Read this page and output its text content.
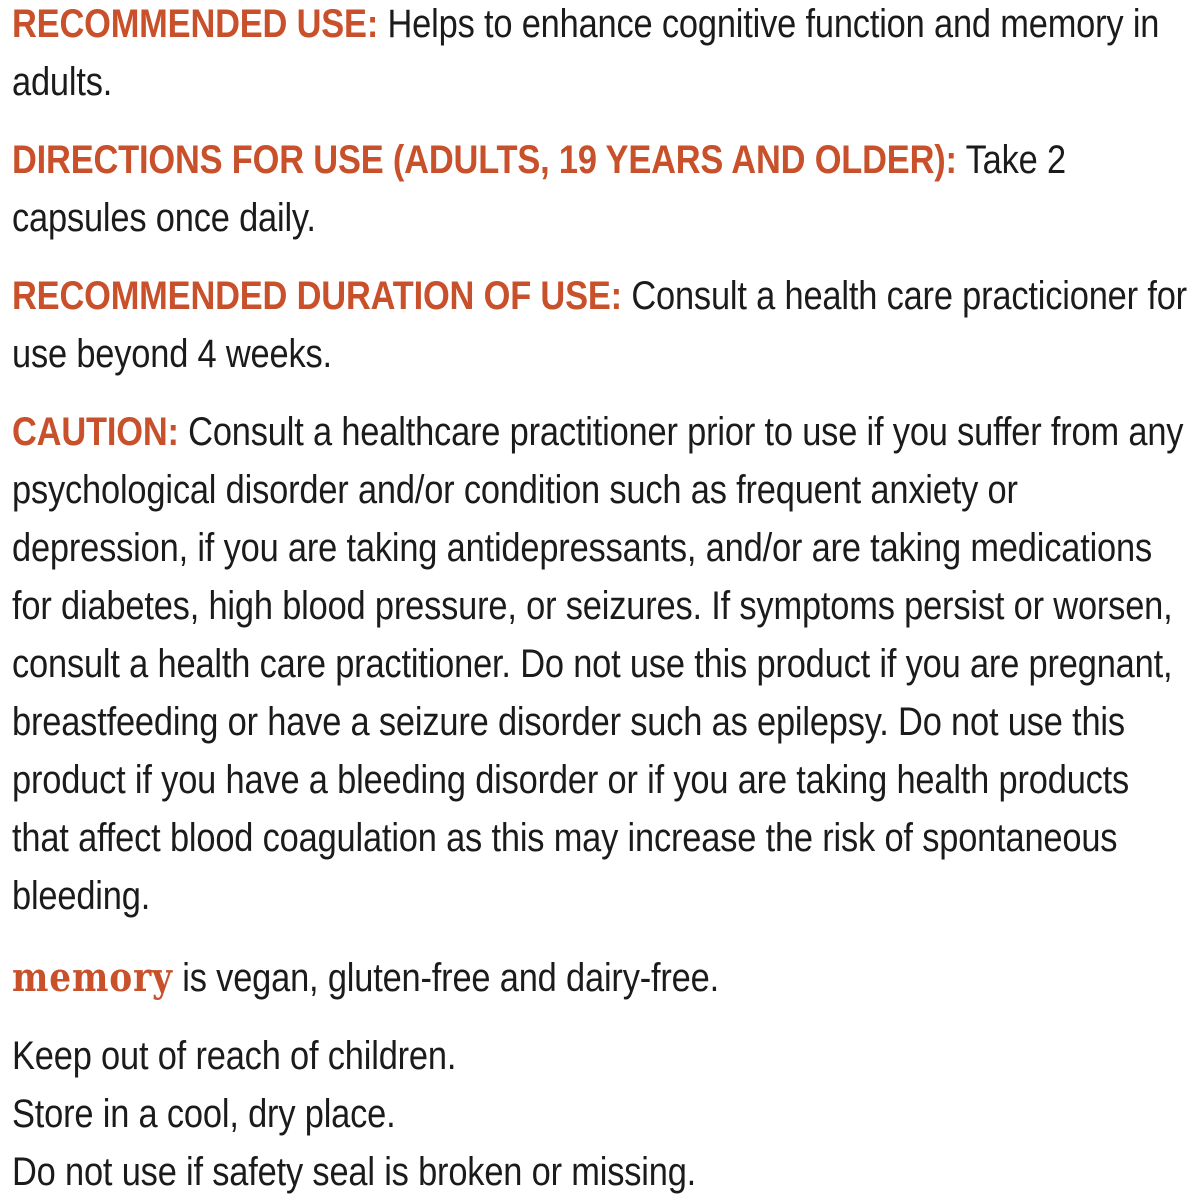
RECOMMENDED USE: Helps to enhance cognitive function and memory in adults.
DIRECTIONS FOR USE (ADULTS, 19 YEARS AND OLDER): Take 2 capsules once daily.
RECOMMENDED DURATION OF USE: Consult a health care practicioner for use beyond 4 weeks.
CAUTION: Consult a healthcare practitioner prior to use if you suffer from any psychological disorder and/or condition such as frequent anxiety or depression, if you are taking antidepressants, and/or are taking medications for diabetes, high blood pressure, or seizures. If symptoms persist or worsen, consult a health care practitioner. Do not use this product if you are pregnant, breastfeeding or have a seizure disorder such as epilepsy. Do not use this product if you have a bleeding disorder or if you are taking health products that affect blood coagulation as this may increase the risk of spontaneous bleeding.
memory is vegan, gluten-free and dairy-free.
Keep out of reach of children.
Store in a cool, dry place.
Do not use if safety seal is broken or missing.
